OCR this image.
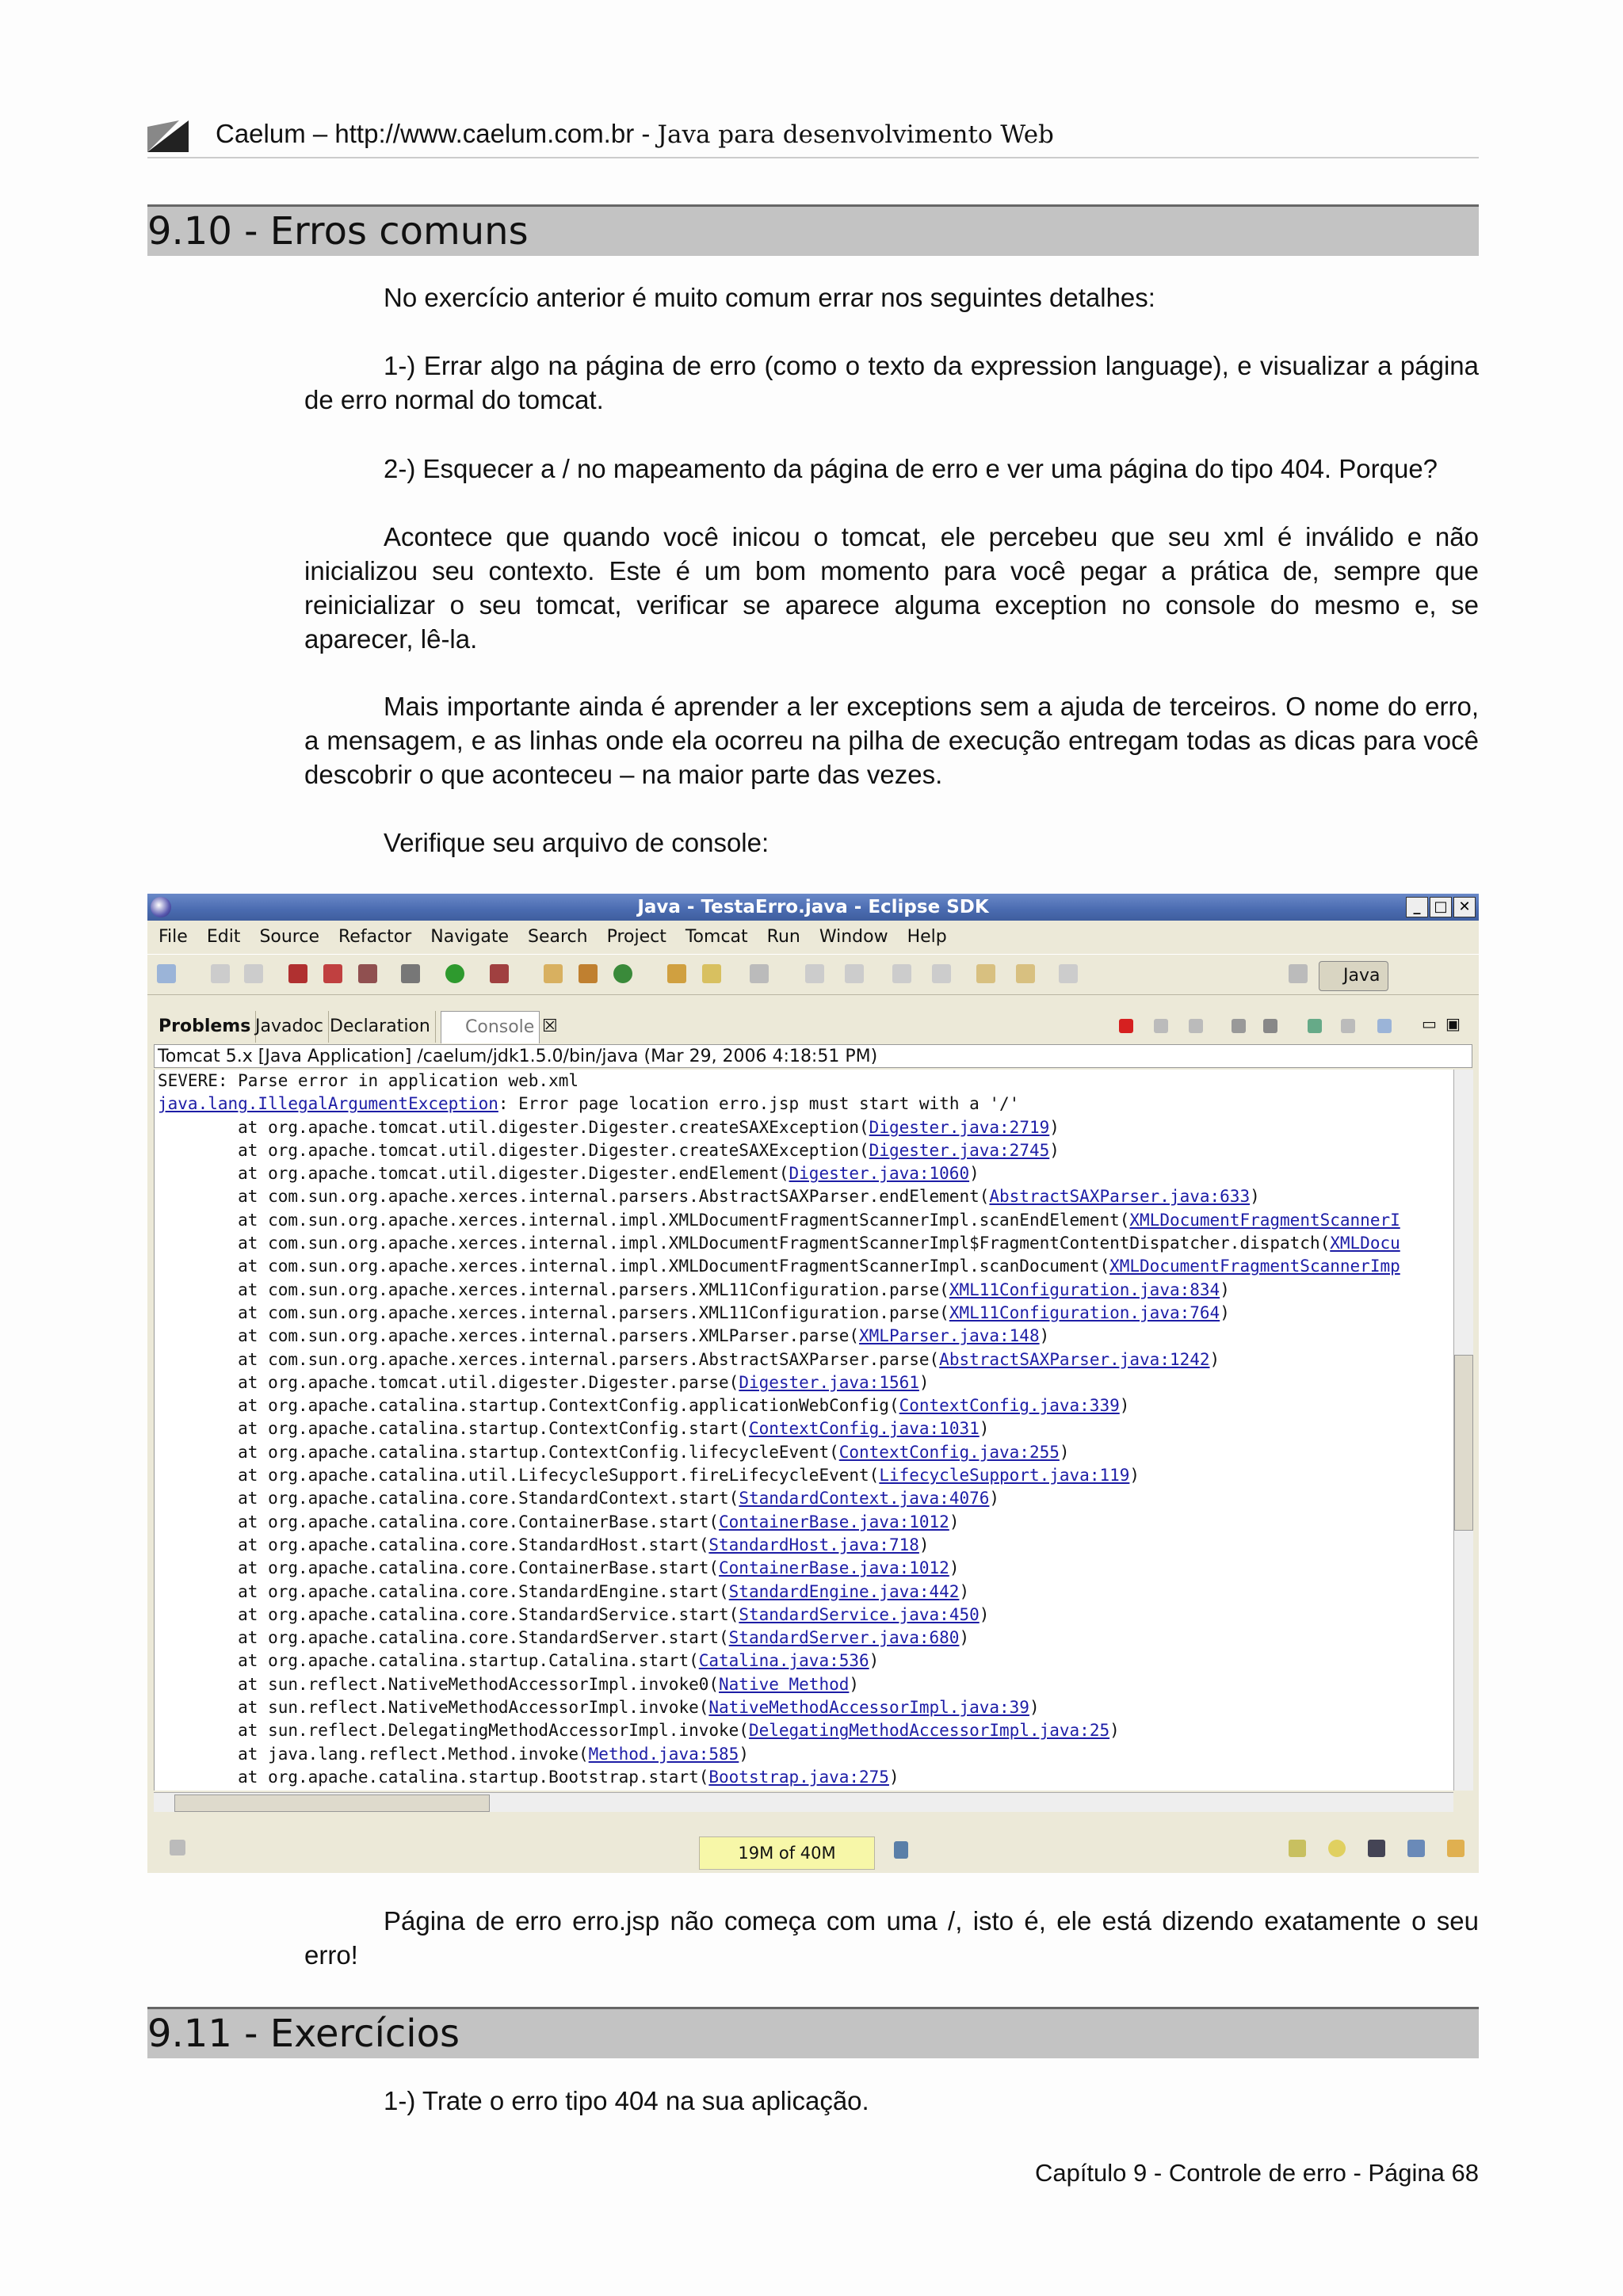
Caelum – http://www.caelum.com.br - Java para desenvolvimento Web
9.10 - Erros comuns
No exercício anterior é muito comum errar nos seguintes detalhes:
1-) Errar algo na página de erro (como o texto da expression language), e visualizar a página de erro normal do tomcat.
2-) Esquecer a / no mapeamento da página de erro e ver uma página do tipo 404. Porque?
Acontece que quando você inicou o tomcat, ele percebeu que seu xml é inválido e não inicializou seu contexto. Este é um bom momento para você pegar a prática de, sempre que reinicializar o seu tomcat, verificar se aparece alguma exception no console do mesmo e, se aparecer, lê-la.
Mais importante ainda é aprender a ler exceptions sem a ajuda de terceiros. O nome do erro, a mensagem, e as linhas onde ela ocorreu na pilha de execução entregam todas as dicas para você descobrir o que aconteceu – na maior parte das vezes.
Verifique seu arquivo de console:
Java - TestaErro.java - Eclipse SDK	_ □ ✕
File Edit Source Refactor Navigate Search Project Tomcat Run Window Help
Java
Problems Javadoc Declaration	Console ☒	▭ ▣
Tomcat 5.x [Java Application] /caelum/jdk1.5.0/bin/java (Mar 29, 2006 4:18:51 PM)
SEVERE: Parse error in application web.xml
java.lang.IllegalArgumentException: Error page location erro.jsp must start with a '/'
at org.apache.tomcat.util.digester.Digester.createSAXException(Digester.java:2719)
at org.apache.tomcat.util.digester.Digester.createSAXException(Digester.java:2745)
at org.apache.tomcat.util.digester.Digester.endElement(Digester.java:1060)
at com.sun.org.apache.xerces.internal.parsers.AbstractSAXParser.endElement(AbstractSAXParser.java:633)
at com.sun.org.apache.xerces.internal.impl.XMLDocumentFragmentScannerImpl.scanEndElement(XMLDocumentFragmentScannerI
at com.sun.org.apache.xerces.internal.impl.XMLDocumentFragmentScannerImpl$FragmentContentDispatcher.dispatch(XMLDocu
at com.sun.org.apache.xerces.internal.impl.XMLDocumentFragmentScannerImpl.scanDocument(XMLDocumentFragmentScannerImp
at com.sun.org.apache.xerces.internal.parsers.XML11Configuration.parse(XML11Configuration.java:834)
at com.sun.org.apache.xerces.internal.parsers.XML11Configuration.parse(XML11Configuration.java:764)
at com.sun.org.apache.xerces.internal.parsers.XMLParser.parse(XMLParser.java:148)
at com.sun.org.apache.xerces.internal.parsers.AbstractSAXParser.parse(AbstractSAXParser.java:1242)
at org.apache.tomcat.util.digester.Digester.parse(Digester.java:1561)
at org.apache.catalina.startup.ContextConfig.applicationWebConfig(ContextConfig.java:339)
at org.apache.catalina.startup.ContextConfig.start(ContextConfig.java:1031)
at org.apache.catalina.startup.ContextConfig.lifecycleEvent(ContextConfig.java:255)
at org.apache.catalina.util.LifecycleSupport.fireLifecycleEvent(LifecycleSupport.java:119)
at org.apache.catalina.core.StandardContext.start(StandardContext.java:4076)
at org.apache.catalina.core.ContainerBase.start(ContainerBase.java:1012)
at org.apache.catalina.core.StandardHost.start(StandardHost.java:718)
at org.apache.catalina.core.ContainerBase.start(ContainerBase.java:1012)
at org.apache.catalina.core.StandardEngine.start(StandardEngine.java:442)
at org.apache.catalina.core.StandardService.start(StandardService.java:450)
at org.apache.catalina.core.StandardServer.start(StandardServer.java:680)
at org.apache.catalina.startup.Catalina.start(Catalina.java:536)
at sun.reflect.NativeMethodAccessorImpl.invoke0(Native Method)
at sun.reflect.NativeMethodAccessorImpl.invoke(NativeMethodAccessorImpl.java:39)
at sun.reflect.DelegatingMethodAccessorImpl.invoke(DelegatingMethodAccessorImpl.java:25)
at java.lang.reflect.Method.invoke(Method.java:585)
at org.apache.catalina.startup.Bootstrap.start(Bootstrap.java:275)
19M of 40M
Página de erro erro.jsp não começa com uma /, isto é, ele está dizendo exatamente o seu erro!
9.11 - Exercícios
1-) Trate o erro tipo 404 na sua aplicação.
Capítulo 9 - Controle de erro - Página 68
